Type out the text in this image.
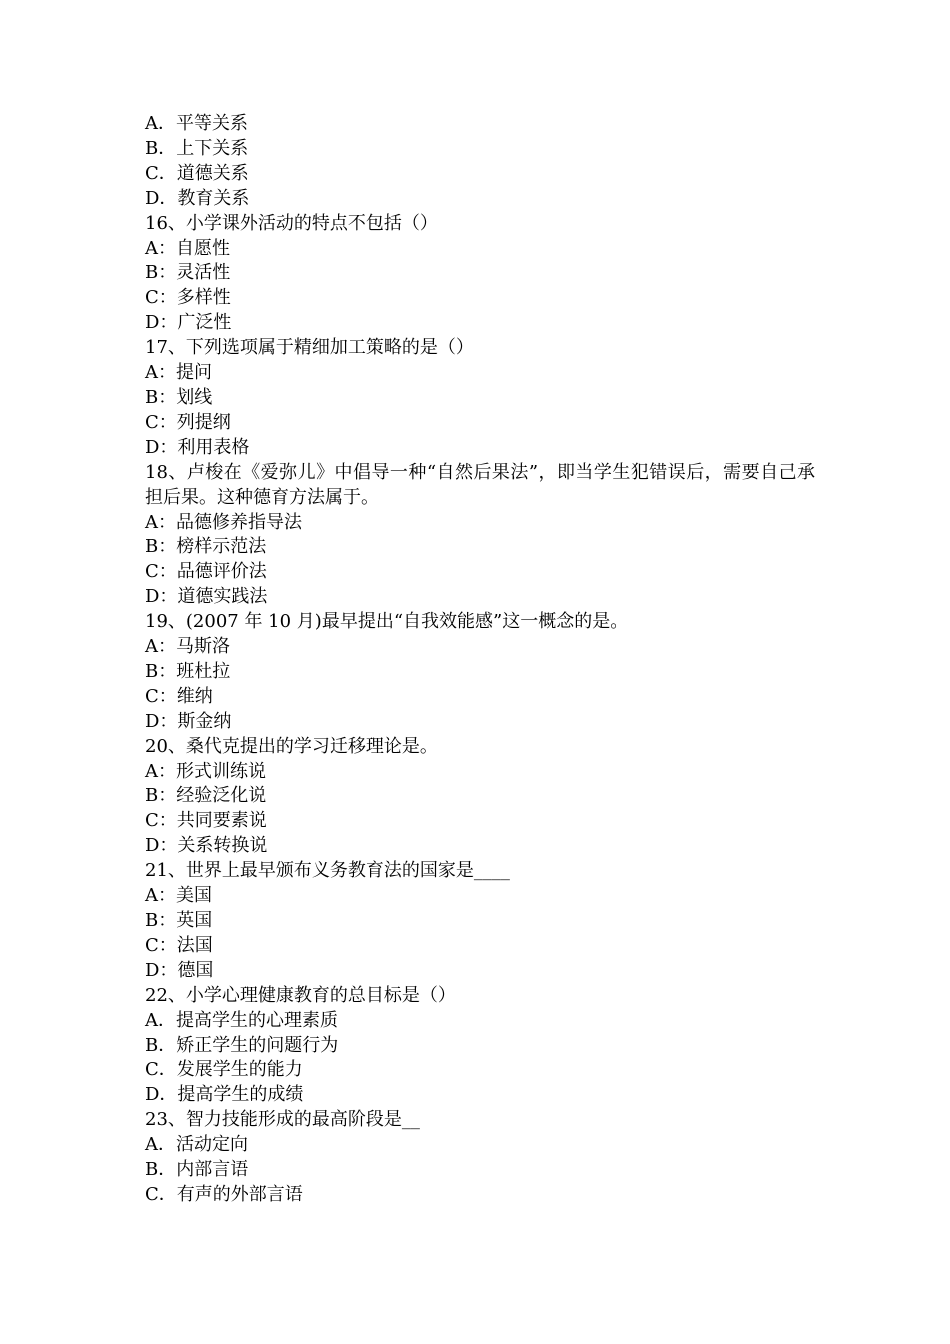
A．平等关系
B．上下关系
C．道德关系
D．教育关系
16、小学课外活动的特点不包括（）
A：自愿性
B：灵活性
C：多样性
D：广泛性
17、下列选项属于精细加工策略的是（）
A：提问
B：划线
C：列提纲
D：利用表格
18、卢梭在《爱弥儿》中倡导一种“自然后果法”，即当学生犯错误后，需要自己承担后果。这种德育方法属于。
A：品德修养指导法
B：榜样示范法
C：品德评价法
D：道德实践法
19、(2007 年 10 月)最早提出“自我效能感”这一概念的是。
A：马斯洛
B：班杜拉
C：维纳
D：斯金纳
20、桑代克提出的学习迁移理论是。
A：形式训练说
B：经验泛化说
C：共同要素说
D：关系转换说
21、世界上最早颁布义务教育法的国家是____
A：美国
B：英国
C：法国
D：德国
22、小学心理健康教育的总目标是（）
A．提高学生的心理素质
B．矫正学生的问题行为
C．发展学生的能力
D．提高学生的成绩
23、智力技能形成的最高阶段是__
A．活动定向
B．内部言语
C．有声的外部言语
